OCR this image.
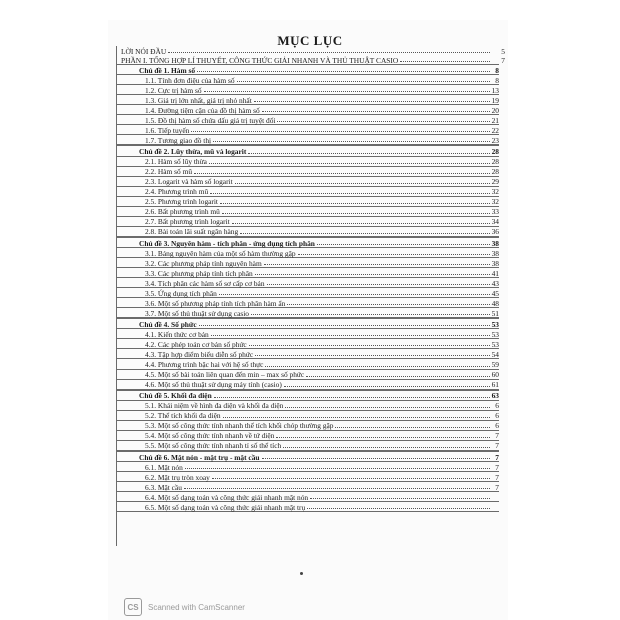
MỤC LỤC
LỜI NÓI ĐẦU	5
PHẦN I. TỔNG HỢP LÍ THUYẾT, CÔNG THỨC GIẢI NHANH VÀ THỦ THUẬT CASIO	7
Chủ đề 1. Hàm số	8
1.1. Tính đơn điệu của hàm số	8
1.2. Cực trị hàm số	13
1.3. Giá trị lớn nhất, giá trị nhỏ nhất	19
1.4. Đường tiệm cận của đồ thị hàm số	20
1.5. Đồ thị hàm số chứa dấu giá trị tuyệt đối	21
1.6. Tiếp tuyến	22
1.7. Tương giao đồ thị	23
Chủ đề 2. Lũy thừa, mũ và logarit	28
2.1. Hàm số lũy thừa	28
2.2. Hàm số mũ	28
2.3. Logarit và hàm số logarit	29
2.4. Phương trình mũ	32
2.5. Phương trình logarit	32
2.6. Bất phương trình mũ	33
2.7. Bất phương trình logarit	34
2.8. Bài toán lãi suất ngân hàng	36
Chủ đề 3. Nguyên hàm - tích phân - ứng dụng tích phân	38
3.1. Bảng nguyên hàm của một số hàm thường gặp	38
3.2. Các phương pháp tính nguyên hàm	38
3.3. Các phương pháp tính tích phân	41
3.4. Tích phân các hàm số sơ cấp cơ bản	43
3.5. Ứng dụng tích phân	45
3.6. Một số phương pháp tính tích phân hàm ẩn	48
3.7. Một số thủ thuật sử dụng casio	51
Chủ đề 4. Số phức	53
4.1. Kiến thức cơ bản	53
4.2. Các phép toán cơ bản số phức	53
4.3. Tập hợp điểm biểu diễn số phức	54
4.4. Phương trình bậc hai với hệ số thực	59
4.5. Một số bài toán liên quan đến min – max số phức	60
4.6. Một số thủ thuật sử dụng máy tính (casio)	61
Chủ đề 5. Khối đa diện	63
5.1. Khái niệm về hình đa diện và khối đa diện	6
5.2. Thể tích khối đa diện	6
5.3. Một số công thức tính nhanh thể tích khối chóp thường gặp	6
5.4. Một số công thức tính nhanh về tứ diện	7
5.5. Một số công thức tính nhanh tỉ số thể tích	7
Chủ đề 6. Mặt nón - mặt trụ - mặt cầu	7
6.1. Mặt nón	7
6.2. Mặt trụ tròn xoay	7
6.3. Mặt cầu	7
6.4. Một số dạng toán và công thức giải nhanh mặt nón
6.5. Một số dạng toán và công thức giải nhanh mặt trụ
CS	Scanned with CamScanner
